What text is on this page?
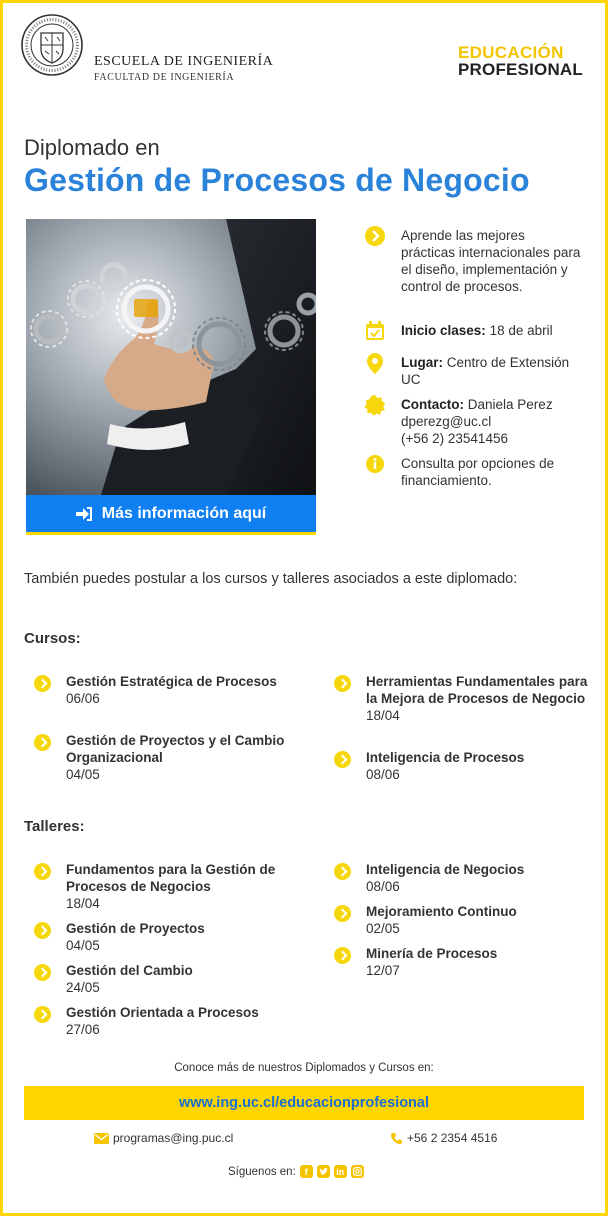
ESCUELA DE INGENIERÍA
FACULTAD DE INGENIERÍA
EDUCACIÓN
PROFESIONAL
Diplomado en
Gestión de Procesos de Negocio
Más información aquí
Aprende las mejores prácticas internacionales para el diseño, implementación y control de procesos.
Inicio clases: 18 de abril
Lugar: Centro de Extensión UC
Contacto: Daniela Perez
dperezg@uc.cl
(+56 2) 23541456
Consulta por opciones de financiamiento.
También puedes postular a los cursos y talleres asociados a este diplomado:
Cursos:
Gestión Estratégica de Procesos
06/06
Gestión de Proyectos y el Cambio Organizacional
04/05
Herramientas Fundamentales para la Mejora de Procesos de Negocio
18/04
Inteligencia de Procesos
08/06
Talleres:
Fundamentos para la Gestión de Procesos de Negocios
18/04
Gestión de Proyectos
04/05
Gestión del Cambio
24/05
Gestión Orientada a Procesos
27/06
Inteligencia de Negocios
08/06
Mejoramiento Continuo
02/05
Minería de Procesos
12/07
Conoce más de nuestros Diplomados y Cursos en:
www.ing.uc.cl/educacionprofesional
programas@ing.puc.cl	+56 2 2354 4516
Síguenos en:	f	in
